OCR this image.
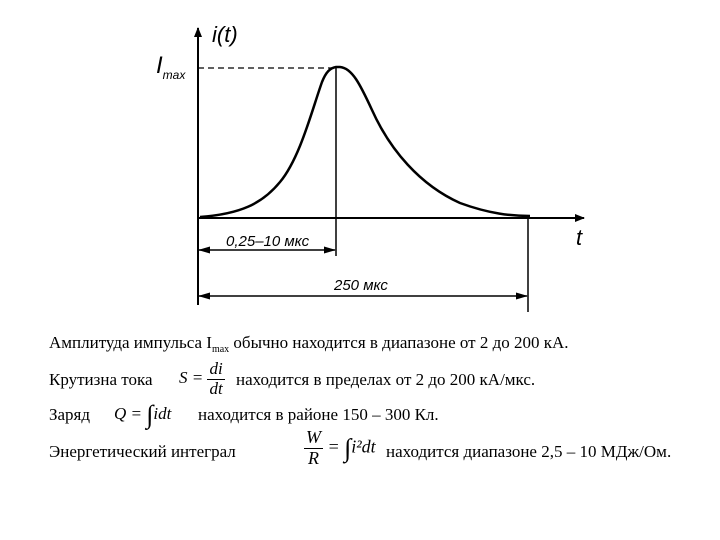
i(t)
t
$I_{max}$
0,25–10 мкс
250 мкс
Амплитуда импульса $I_{max}$ обычно находится в диапазоне от 2 до 200 кА.
Крутизна тока $S = \frac{di}{dt}$ находится в пределах от 2 до 200 кА/мкс.
Заряд Q = ∫idt находится в районе 150 – 300 Кл.
Энергетический интеграл	$\frac{W}{R} = \int i^2dt$ находится диапазоне 2,5 – 10 МДж/Ом.
